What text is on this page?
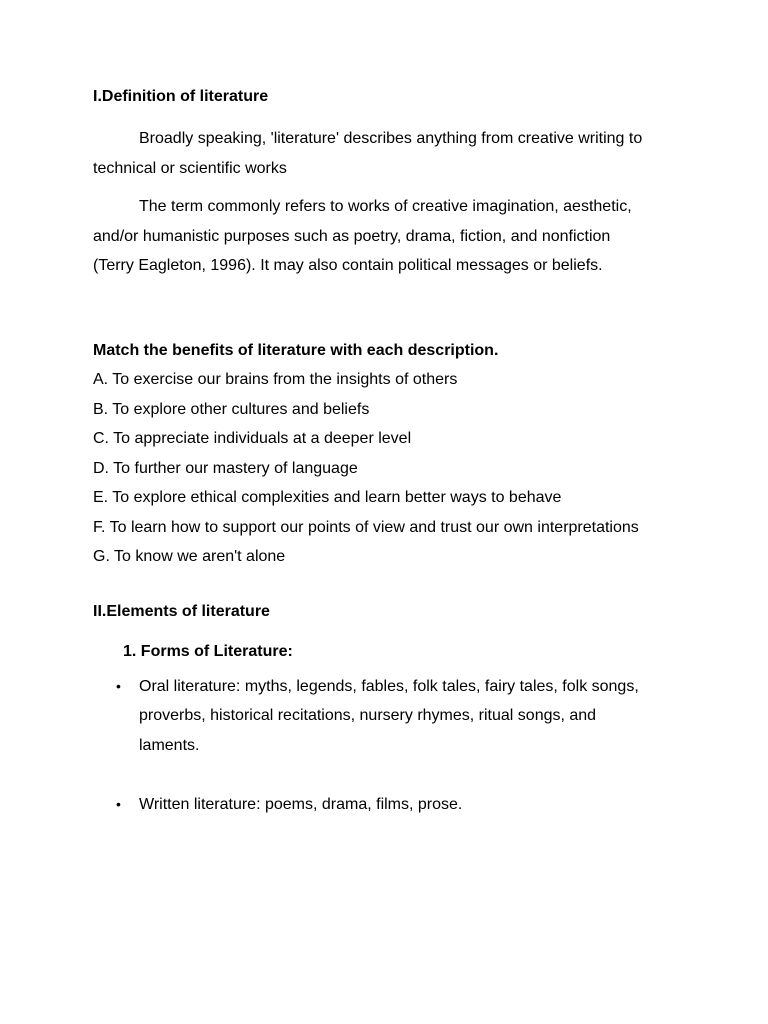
I.Definition of literature

Broadly speaking, 'literature' describes anything from creative writing to technical or scientific works

The term commonly refers to works of creative imagination, aesthetic, and/or humanistic purposes such as poetry, drama, fiction, and nonfiction (Terry Eagleton, 1996). It may also contain political messages or beliefs.

Match the benefits of literature with each description.

A. To exercise our brains from the insights of others
B. To explore other cultures and beliefs
C. To appreciate individuals at a deeper level
D. To further our mastery of language
E. To explore ethical complexities and learn better ways to behave
F. To learn how to support our points of view and trust our own interpretations
G. To know we aren't alone

II.Elements of literature

1. Forms of Literature:

• Oral literature: myths, legends, fables, folk tales, fairy tales, folk songs, proverbs, historical recitations, nursery rhymes, ritual songs, and laments.
• Written literature: poems, drama, films, prose.
